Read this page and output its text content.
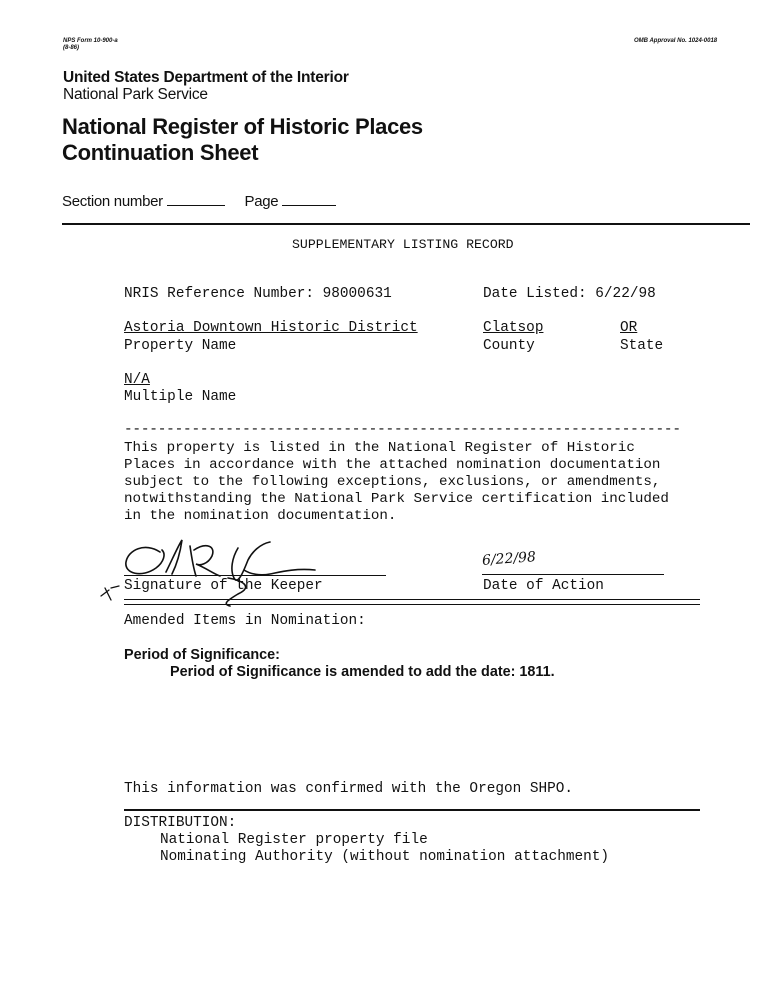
NPS Form 10-900-a
(8-86)
OMB Approval No. 1024-0018
United States Department of the Interior
National Park Service
National Register of Historic Places
Continuation Sheet
Section number	Page
SUPPLEMENTARY LISTING RECORD
NRIS Reference Number: 98000631	Date Listed: 6/22/98
Astoria Downtown Historic District
Property Name
Clatsop
County
OR
State
N/A
Multiple Name
------------------------------------------------------------------
This property is listed in the National Register of Historic
Places in accordance with the attached nomination documentation
subject to the following exceptions, exclusions, or amendments,
notwithstanding the National Park Service certification included
in the nomination documentation.
Signature of the Keeper
6/22/98
Date of Action
Amended Items in Nomination:
Period of Significance:
Period of Significance is amended to add the date: 1811.
This information was confirmed with the Oregon SHPO.
DISTRIBUTION:
National Register property file
Nominating Authority (without nomination attachment)
